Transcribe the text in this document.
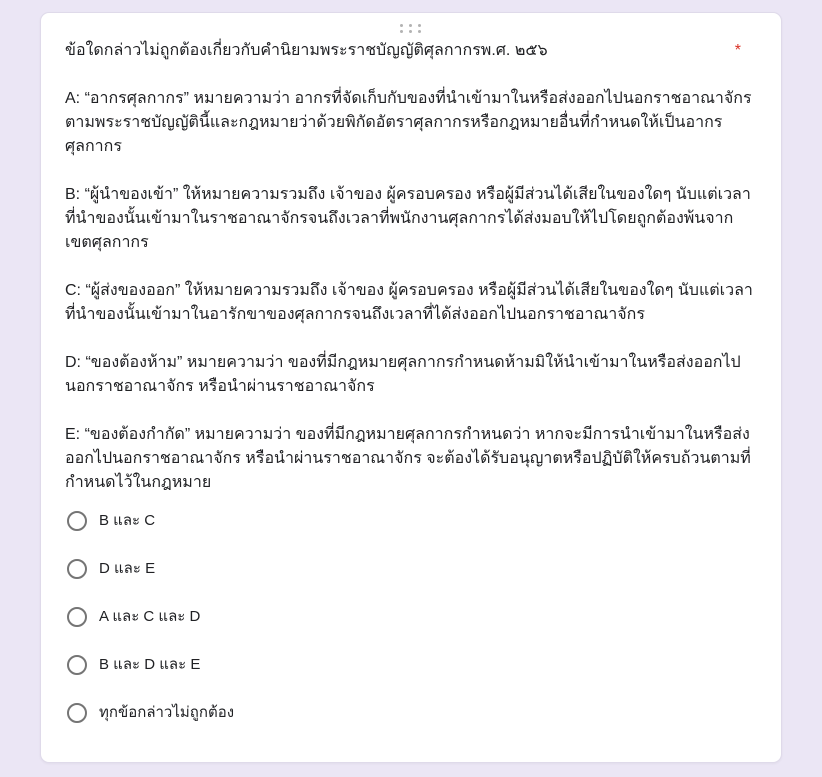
ข้อใดกล่าวไม่ถูกต้องเกี่ยวกับคำนิยามพระราชบัญญัติศุลกากรพ.ศ. ๒๕๖	*
A: “อากรศุลกากร” หมายความว่า อากรที่จัดเก็บกับของที่นำเข้ามาในหรือส่งออกไปนอกราชอาณาจักร ตามพระราชบัญญัตินี้และกฎหมายว่าด้วยพิกัดอัตราศุลกากรหรือกฎหมายอื่นที่กำหนดให้เป็นอากรศุลกากร
B: “ผู้นำของเข้า” ให้หมายความรวมถึง เจ้าของ ผู้ครอบครอง หรือผู้มีส่วนได้เสียในของใดๆ นับแต่เวลาที่นำของนั้นเข้ามาในราชอาณาจักรจนถึงเวลาที่พนักงานศุลกากรได้ส่งมอบให้ไปโดยถูกต้องพ้นจากเขตศุลกากร
C: “ผู้ส่งของออก” ให้หมายความรวมถึง เจ้าของ ผู้ครอบครอง หรือผู้มีส่วนได้เสียในของใดๆ นับแต่เวลาที่นำของนั้นเข้ามาในอารักขาของศุลกากรจนถึงเวลาที่ได้ส่งออกไปนอกราชอาณาจักร
D: “ของต้องห้าม” หมายความว่า ของที่มีกฎหมายศุลกากรกำหนดห้ามมิให้นำเข้ามาในหรือส่งออกไป นอกราชอาณาจักร หรือนำผ่านราชอาณาจักร
E: “ของต้องกำกัด” หมายความว่า ของที่มีกฎหมายศุลกากรกำหนดว่า หากจะมีการนำเข้ามาในหรือส่งออกไปนอกราชอาณาจักร หรือนำผ่านราชอาณาจักร จะต้องได้รับอนุญาตหรือปฏิบัติให้ครบถ้วนตามที่กำหนดไว้ในกฎหมาย
B และ C
D และ E
A และ C และ D
B และ D และ E
ทุกข้อกล่าวไม่ถูกต้อง
